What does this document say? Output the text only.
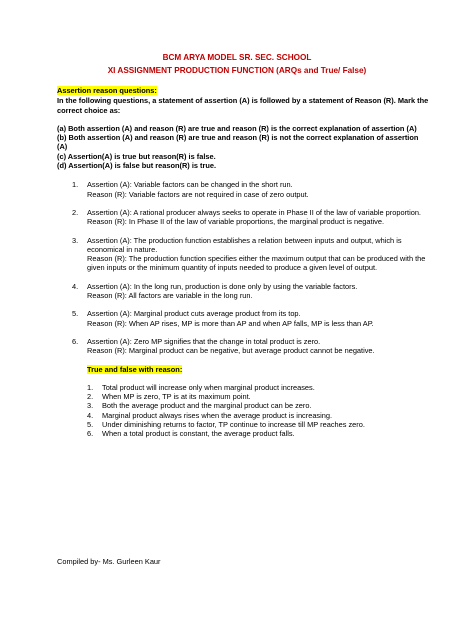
BCM ARYA MODEL SR. SEC. SCHOOL
XI ASSIGNMENT PRODUCTION FUNCTION (ARQs and True/ False)
Assertion reason questions:
In the following questions, a statement of assertion (A) is followed by a statement of Reason (R). Mark the correct choice as:
(a) Both assertion (A) and reason (R) are true and reason (R) is the correct explanation of assertion (A)
(b) Both assertion (A) and reason (R) are true and reason (R) is not the correct explanation of assertion (A)
(c) Assertion(A) is true but reason(R) is false.
(d) Assertion(A) is false but reason(R) is true.
1. Assertion (A): Variable factors can be changed in the short run.
Reason (R): Variable factors are not required in case of zero output.
2. Assertion (A): A rational producer always seeks to operate in Phase II of the law of variable proportion.
Reason (R): In Phase II of the law of variable proportions, the marginal product is negative.
3. Assertion (A): The production function establishes a relation between inputs and output, which is economical in nature.
Reason (R): The production function specifies either the maximum output that can be produced with the given inputs or the minimum quantity of inputs needed to produce a given level of output.
4. Assertion (A): In the long run, production is done only by using the variable factors.
Reason (R): All factors are variable in the long run.
5. Assertion (A): Marginal product cuts average product from its top.
Reason (R): When AP rises, MP is more than AP and when AP falls, MP is less than AP.
6. Assertion (A): Zero MP signifies that the change in total product is zero.
Reason (R): Marginal product can be negative, but average product cannot be negative.
True and false with reason:
1. Total product will increase only when marginal product increases.
2. When MP is zero, TP is at its maximum point.
3. Both the average product and the marginal product can be zero.
4. Marginal product always rises when the average product is increasing.
5. Under diminishing returns to factor, TP continue to increase till MP reaches zero.
6. When a total product is constant, the average product falls.
Compiled by- Ms. Gurleen Kaur
